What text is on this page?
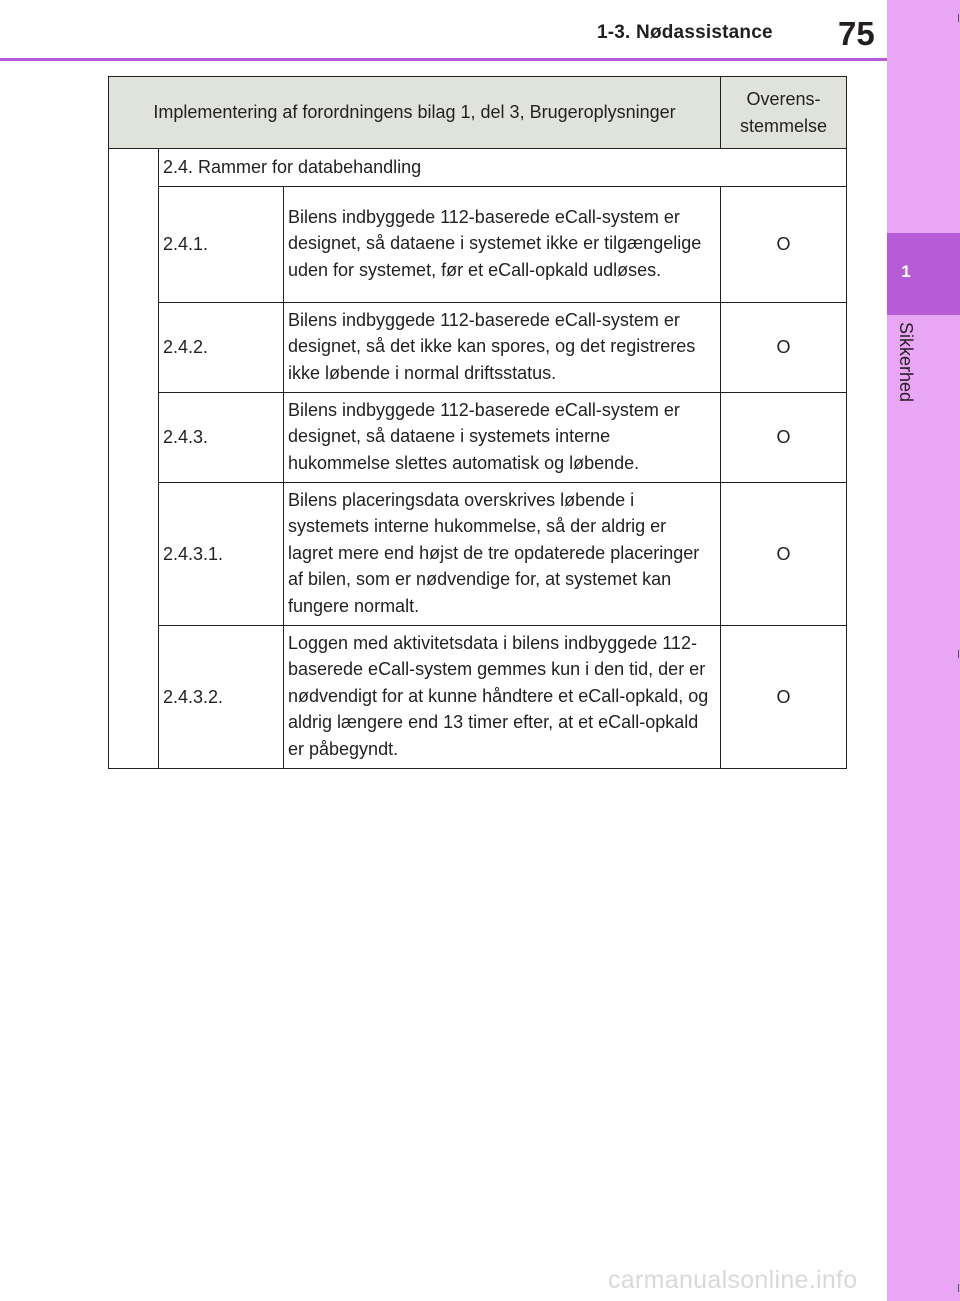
1
Sikkerhed
1-3. Nødassistance 75
Implementering af forordningens bilag 1, del 3, Brugeroplysninger			Overens-
stemmelse
	2.4. Rammer for databehandling		
	2.4.1.	Bilens indbyggede 112-baserede eCall-system er designet, så dataene i systemet ikke er tilgængelige uden for systemet, før et eCall-opkald udløses.	O
	2.4.2.	Bilens indbyggede 112-baserede eCall-system er designet, så det ikke kan spores, og det registreres ikke løbende i normal driftsstatus.	O
	2.4.3.	Bilens indbyggede 112-baserede eCall-system er designet, så dataene i systemets interne hukommelse slettes automatisk og løbende.	O
	2.4.3.1.	Bilens placeringsdata overskrives løbende i systemets interne hukommelse, så der aldrig er lagret mere end højst de tre opdaterede placeringer af bilen, som er nødvendige for, at systemet kan fungere normalt.	O
	2.4.3.2.	Loggen med aktivitetsdata i bilens indbyggede 112-baserede eCall-system gemmes kun i den tid, der er nødvendigt for at kunne håndtere et eCall-opkald, og aldrig længere end 13 timer efter, at et eCall-opkald er påbegyndt.	O
carmanualsonline.info
